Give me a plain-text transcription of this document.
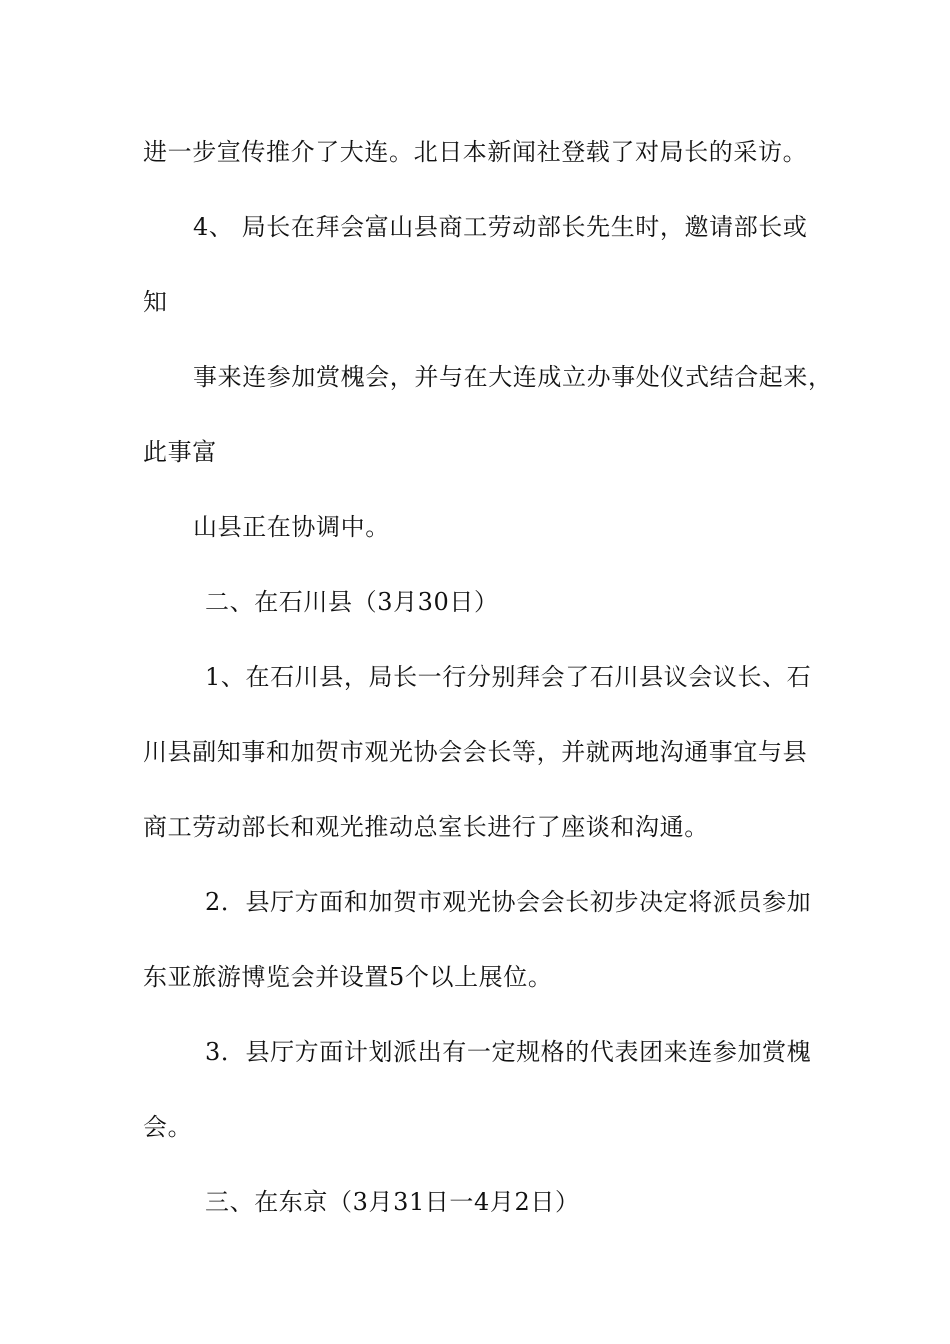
进一步宣传推介了大连。北日本新闻社登载了对局长的采访。
4、 局长在拜会富山县商工劳动部长先生时，邀请部长或
知
事来连参加赏槐会，并与在大连成立办事处仪式结合起来，
此事富
山县正在协调中。
二、在石川县（3月30日）
1、在石川县，局长一行分别拜会了石川县议会议长、石
川县副知事和加贺市观光协会会长等，并就两地沟通事宜与县
商工劳动部长和观光推动总室长进行了座谈和沟通。
2．县厅方面和加贺市观光协会会长初步决定将派员参加
东亚旅游博览会并设置5个以上展位。
3．县厅方面计划派出有一定规格的代表团来连参加赏槐
会。
三、在东京（3月31日一4月2日）
